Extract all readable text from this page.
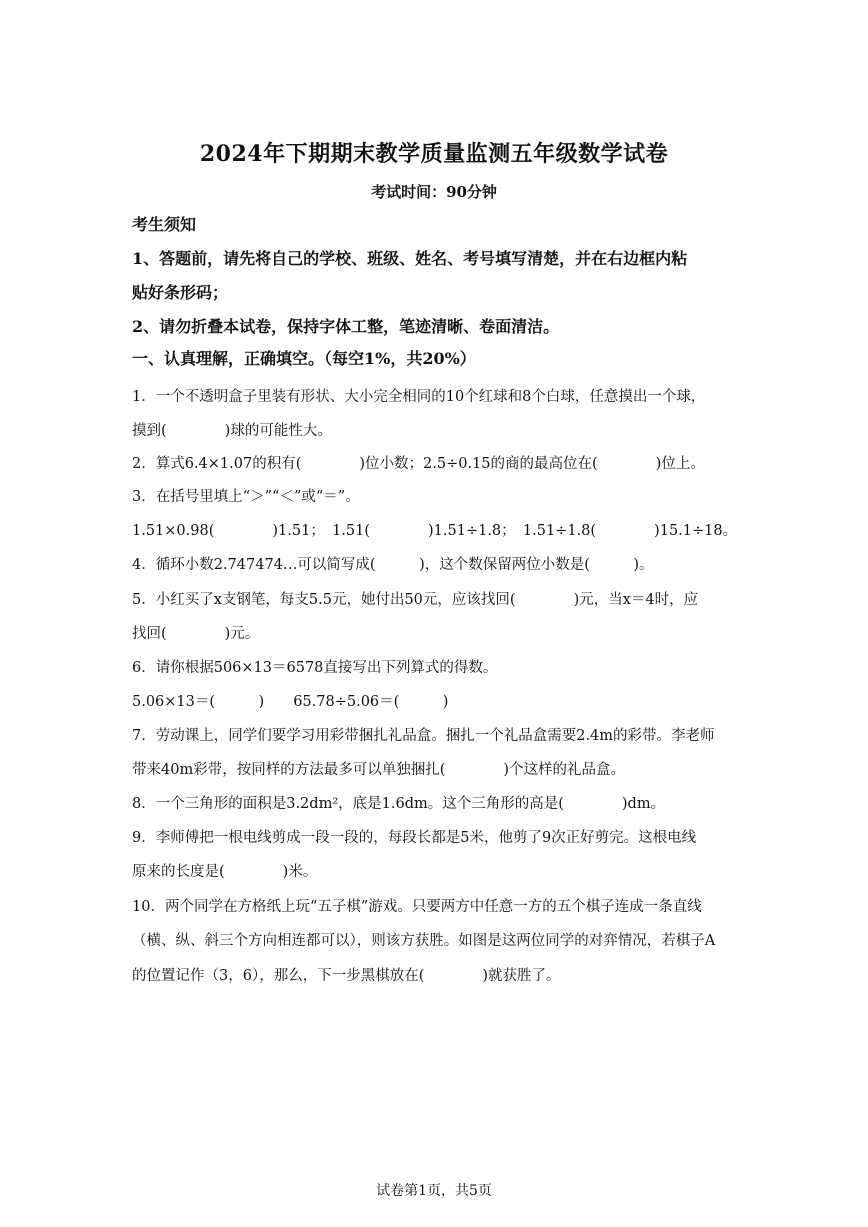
2024年下期期末教学质量监测五年级数学试卷
考试时间：90分钟
考生须知
1、答题前，请先将自己的学校、班级、姓名、考号填写清楚，并在右边框内粘
贴好条形码；
2、请勿折叠本试卷，保持字体工整，笔迹清晰、卷面清洁。
一、认真理解，正确填空。（每空1%，共20%）
1．一个不透明盒子里装有形状、大小完全相同的10个红球和8个白球，任意摸出一个球，
摸到(　　　　)球的可能性大。
2．算式6.4×1.07的积有(　　　　)位小数；2.5÷0.15的商的最高位在(　　　　)位上。
3．在括号里填上“＞”“＜”或“＝”。
1.51×0.98(　　　　)1.51；　1.51(　　　　)1.51÷1.8；　1.51÷1.8(　　　　)15.1÷18。
4．循环小数2.747474…可以简写成(　　　)，这个数保留两位小数是(　　　)。
5．小红买了x支钢笔，每支5.5元，她付出50元，应该找回(　　　　)元，当x＝4时，应
找回(　　　　)元。
6．请你根据506×13＝6578直接写出下列算式的得数。
5.06×13＝(　　　)　　65.78÷5.06＝(　　　)
7．劳动课上，同学们要学习用彩带捆扎礼品盒。捆扎一个礼品盒需要2.4m的彩带。李老师
带来40m彩带，按同样的方法最多可以单独捆扎(　　　　)个这样的礼品盒。
8．一个三角形的面积是3.2dm²，底是1.6dm。这个三角形的高是(　　　　)dm。
9．李师傅把一根电线剪成一段一段的，每段长都是5米，他剪了9次正好剪完。这根电线
原来的长度是(　　　　)米。
10．两个同学在方格纸上玩“五子棋”游戏。只要两方中任意一方的五个棋子连成一条直线
（横、纵、斜三个方向相连都可以），则该方获胜。如图是这两位同学的对弈情况，若棋子A
的位置记作（3，6），那么，下一步黑棋放在(　　　　)就获胜了。
试卷第1页，共5页
